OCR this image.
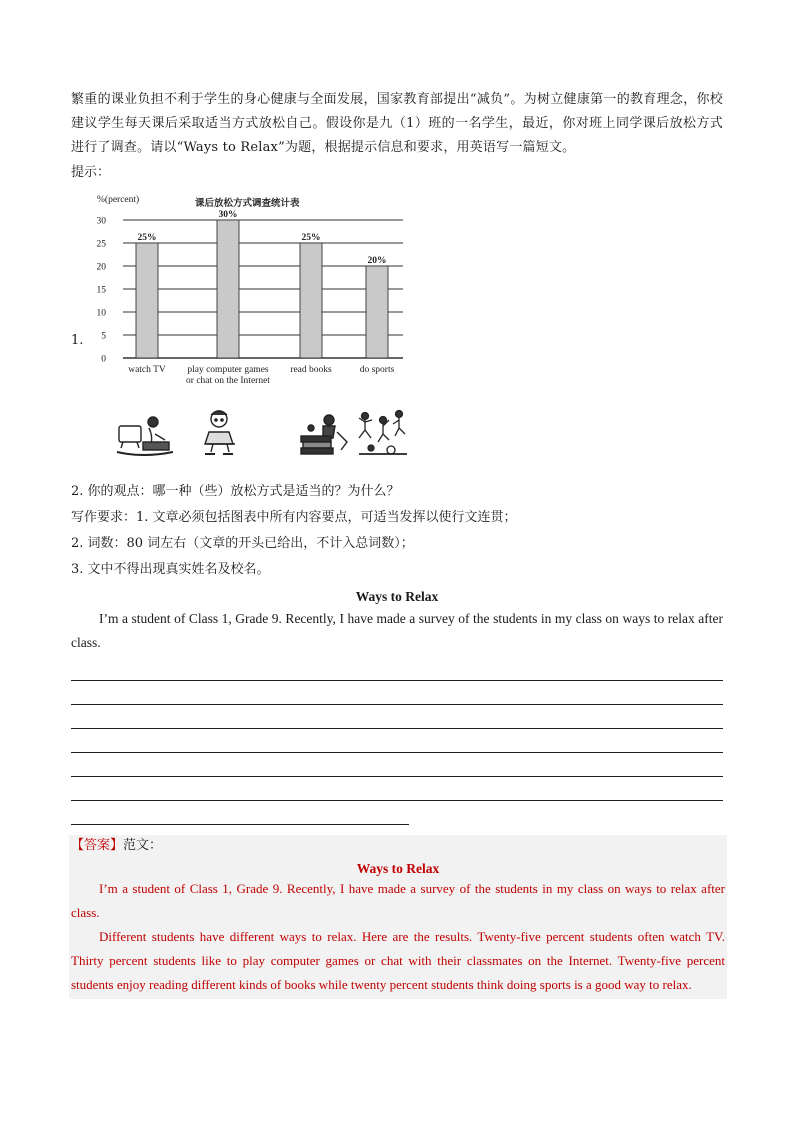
繁重的课业负担不利于学生的身心健康与全面发展，国家教育部提出“减负”。为树立健康第一的教育理念，你校建议学生每天课后采取适当方式放松自己。假设你是九（1）班的一名学生，最近，你对班上同学课后放松方式进行了调查。请以“Ways to Relax”为题，根据提示信息和要求，用英语写一篇短文。

提示：

1.
%(percent)	课后放松方式调查统计表
0
5
10
15
20
25
30
25%
30%
25%
20%
watch TV play computer games
or chat on the Internet
read books	do sports

2. 你的观点：哪一种（些）放松方式是适当的？为什么？

写作要求：1. 文章必须包括图表中所有内容要点，可适当发挥以使行文连贯；

2. 词数：80 词左右（文章的开头已给出，不计入总词数）；

3. 文中不得出现真实姓名及校名。

Ways to Relax

I’m a student of Class 1, Grade 9. Recently, I have made a survey of the students in my class on ways to relax after class.

【答案】范文：

Ways to Relax

I’m a student of Class 1, Grade 9. Recently, I have made a survey of the students in my class on ways to relax after class.

Different students have different ways to relax. Here are the results. Twenty-five percent students often watch TV. Thirty percent students like to play computer games or chat with their classmates on the Internet. Twenty-five percent students enjoy reading different kinds of books while twenty percent students think doing sports is a good way to relax.
